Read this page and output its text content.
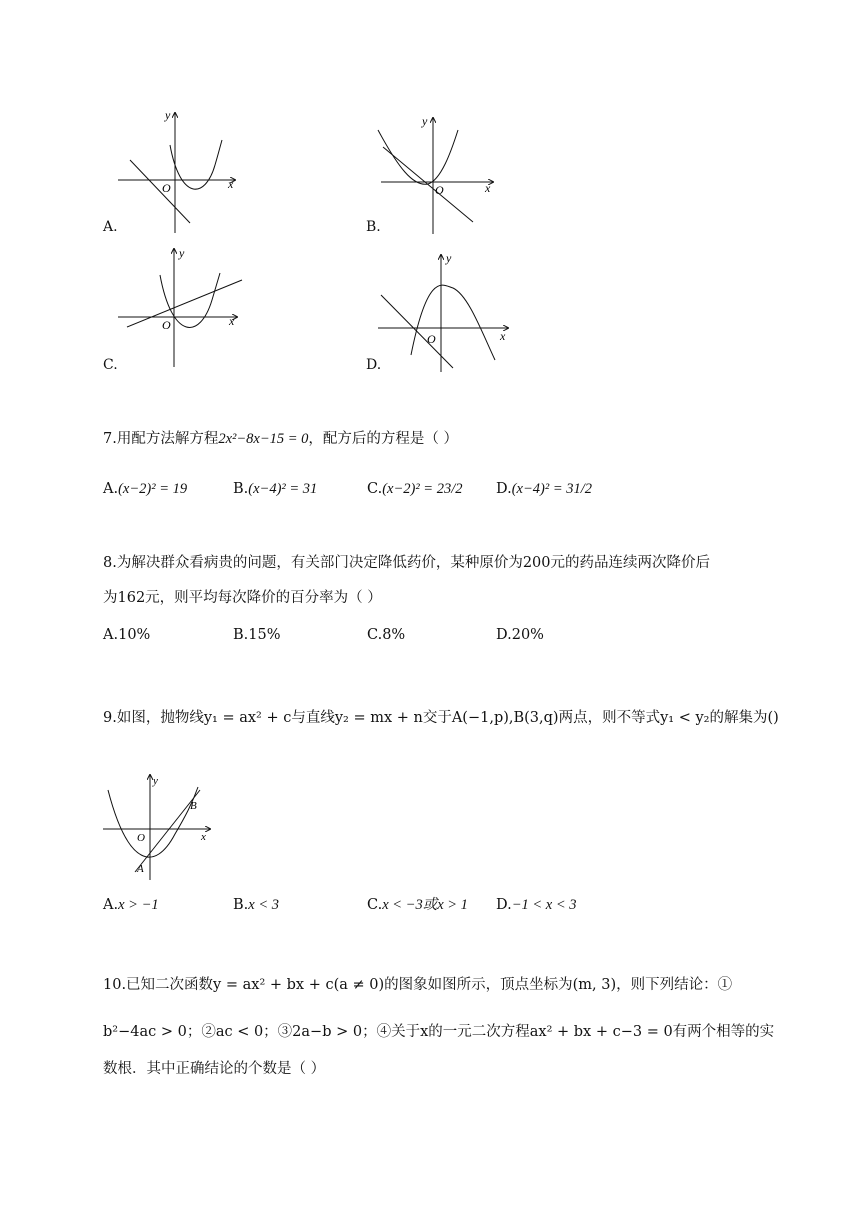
O	x
y
A.
O	x
y
B.
O	x
y
C.
O	x
y
D.
7.用配方法解方程2x²−8x−15 = 0，配方后的方程是（ ）
A.(x−2)² = 19	B.(x−4)² = 31	C.(x−2)² = 23/2 D.(x−4)² = 31/2
8.为解决群众看病贵的问题，有关部门决定降低药价，某种原价为200元的药品连续两次降价后
为162元，则平均每次降价的百分率为（ ）
A.10%	B.15%	C.8%	D.20%
9.如图，抛物线y₁ = ax² + c与直线y₂ = mx + n交于A(−1,p),B(3,q)两点，则不等式y₁ < y₂的解集为()
O	x
y
B
A
A.x > −1	B.x < 3	C.x < −3或x > 1 D.−1 < x < 3
10.已知二次函数y = ax² + bx + c(a ≠ 0)的图象如图所示，顶点坐标为(m, 3)，则下列结论：①
b²−4ac > 0；②ac < 0；③2a−b > 0；④关于x的一元二次方程ax² + bx + c−3 = 0有两个相等的实
数根．其中正确结论的个数是（ ）
